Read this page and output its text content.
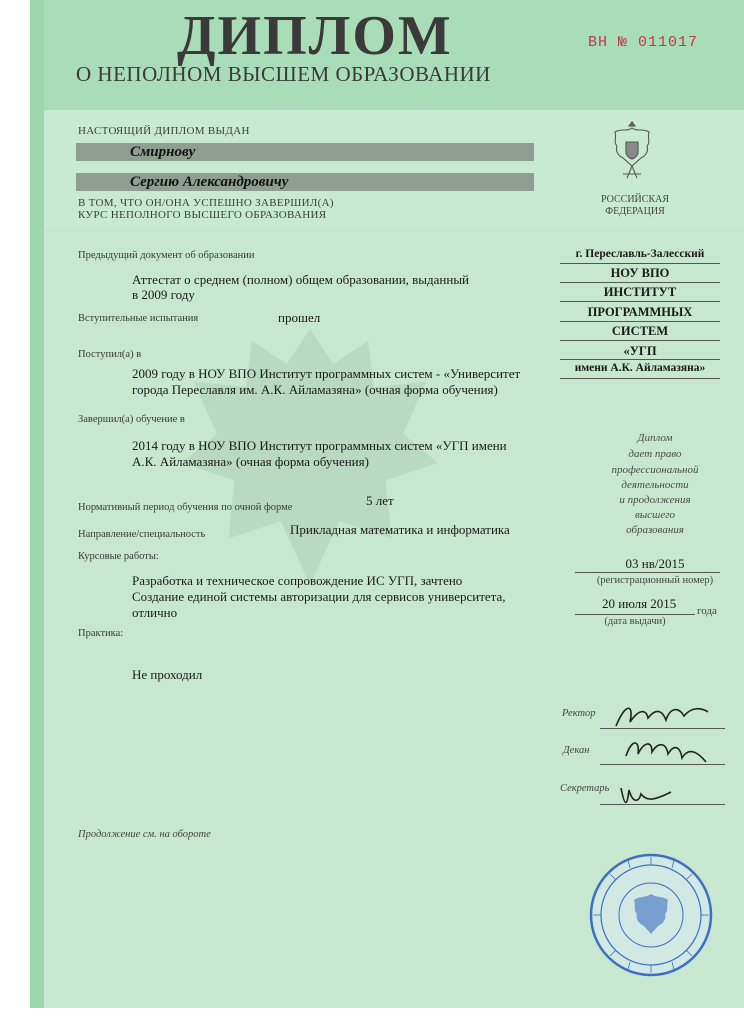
ДИПЛОМ
О НЕПОЛНОМ ВЫСШЕМ ОБРАЗОВАНИИ
ВН № 011017
НАСТОЯЩИЙ ДИПЛОМ ВЫДАН
Смирнову
Сергию Александровичу
В ТОМ, ЧТО ОН/ОНА УСПЕШНО ЗАВЕРШИЛ(А)
КУРС НЕПОЛНОГО ВЫСШЕГО ОБРАЗОВАНИЯ
РОССИЙСКАЯ
ФЕДЕРАЦИЯ
Предыдущий документ об образовании
Аттестат о среднем (полном) общем образовании, выданный
в 2009 году
Вступительные испытания	прошел
Поступил(а) в
2009 году в НОУ ВПО Институт программных систем - «Университет
города Переславля им. А.К. Айламазяна» (очная форма обучения)
Завершил(а) обучение в
2014 году в НОУ ВПО Институт программных систем «УГП имени
А.К. Айламазяна» (очная форма обучения)
Нормативный период обучения по очной форме	5 лет
Направление/специальность	Прикладная математика и информатика
Курсовые работы:
Разработка и техническое сопровождение ИС УГП, зачтено
Создание единой системы авторизации для сервисов университета,
отлично
Практика:
Не проходил
Продолжение см. на обороте
г. Переславль-Залесский
НОУ ВПО
ИНСТИТУТ
ПРОГРАММНЫХ
СИСТЕМ
«УГП
имени А.К. Айламазяна»
Диплом
дает право
профессиональной
деятельности
и продолжения
высшего
образования
03 нв/2015
(регистрационный номер)
20 июля 2015 года
(дата выдачи)
Ректор
Декан
Секретарь
